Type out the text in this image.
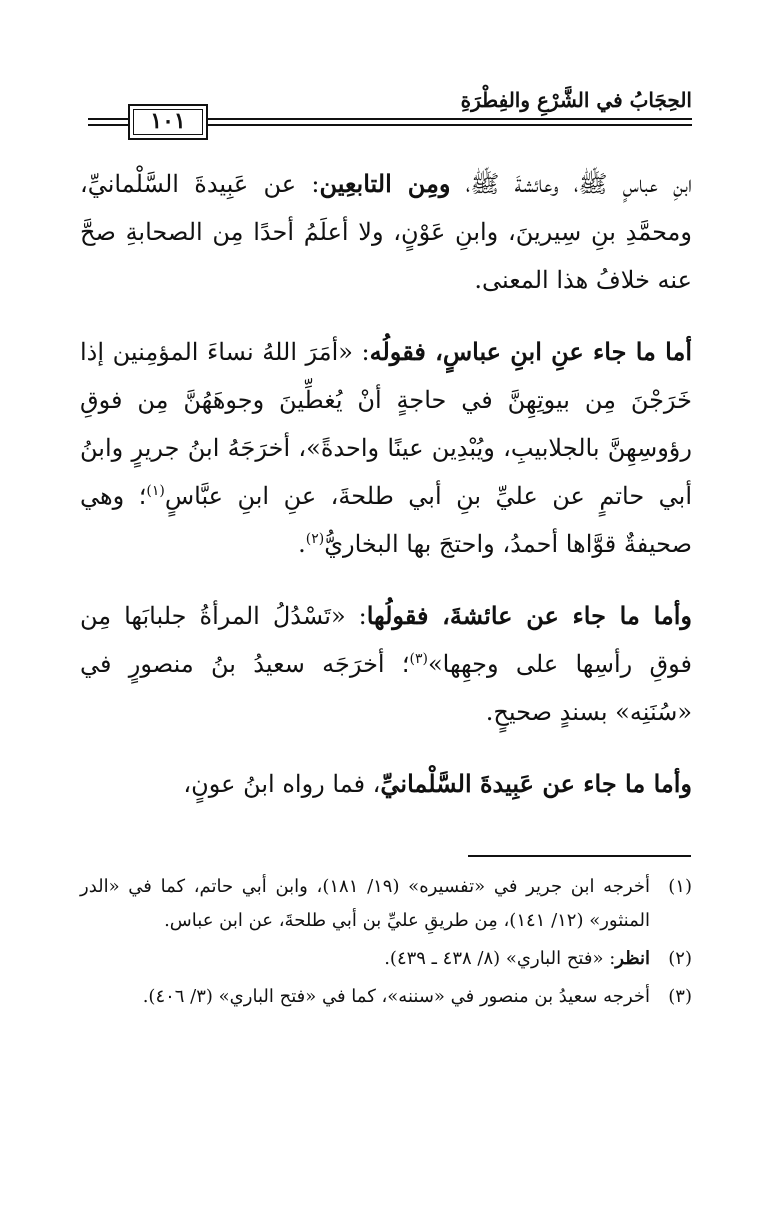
الحِجَابُ في الشَّرْعِ والفِطْرَةِ
١٠١

ابنِ عباسٍ ﷺ، وعائشةَ ﷺ، ومِن التابعِين: عن عَبِيدةَ السَّلْمانيِّ، ومحمَّدِ بنِ سِيرينَ، وابنِ عَوْنٍ، ولا أعلَمُ أحدًا مِن الصحابةِ صحَّ عنه خلافُ هذا المعنى.

أما ما جاء عنِ ابنِ عباسٍ، فقولُه: «أمَرَ اللهُ نساءَ المؤمِنين إذا خَرَجْنَ مِن بيوتِهِنَّ في حاجةٍ أنْ يُغطِّينَ وجوهَهُنَّ مِن فوقِ رؤوسِهِنَّ بالجلابيبِ، ويُبْدِين عينًا واحدةً»، أخرَجَهُ ابنُ جريرٍ وابنُ أبي حاتمٍ عن عليِّ بنِ أبي طلحةَ، عنِ ابنِ عبَّاسٍ$^{(١)}$؛ وهي صحيفةٌ قوَّاها أحمدُ، واحتجَ بها البخاريُّ$^{(٢)}$.

وأما ما جاء عن عائشةَ، فقولُها: «تَسْدُلُ المرأةُ جلبابَها مِن فوقِ رأسِها على وجهِها»$^{(٣)}$؛ أخرَجَه سعيدُ بنُ منصورٍ في «سُنَنِه» بسندٍ صحيحٍ.

وأما ما جاء عن عَبِيدةَ السَّلْمانيِّ، فما رواه ابنُ عونٍ،

(١)
أخرجه ابن جرير في «تفسيره» (١٩/ ١٨١)، وابن أبي حاتم، كما في «الدر المنثور» (١٢/ ١٤١)، مِن طريقِ عليِّ بن أبي طلحةَ، عن ابن عباس.
(٢)
انظر: «فتح الباري» (٨/ ٤٣٨ ـ ٤٣٩).
(٣)
أخرجه سعيدُ بن منصور في «سننه»، كما في «فتح الباري» (٣/ ٤٠٦).
